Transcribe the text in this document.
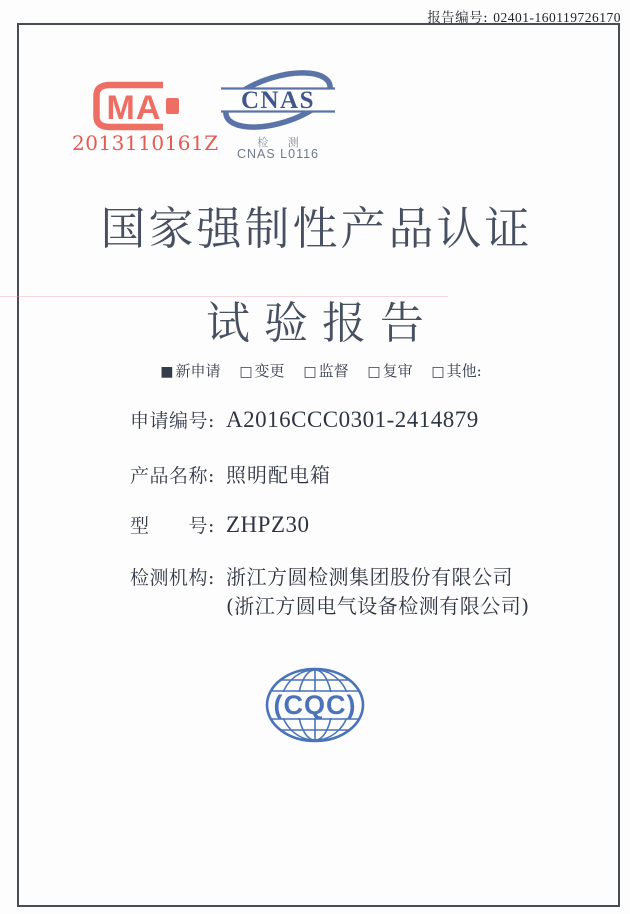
报告编号: 02401-160119726170
MA
2013110161Z
CNAS
检 测
CNAS L0116
国家强制性产品认证
试验报告
■ 新申请 □ 变更 □ 监督 □ 复审 □ 其他:
申请编号: A2016CCC0301-2414879
产品名称: 照明配电箱
型　　号: ZHPZ30
检测机构: 浙江方圆检测集团股份有限公司
(浙江方圆电气设备检测有限公司)
(CQC)
